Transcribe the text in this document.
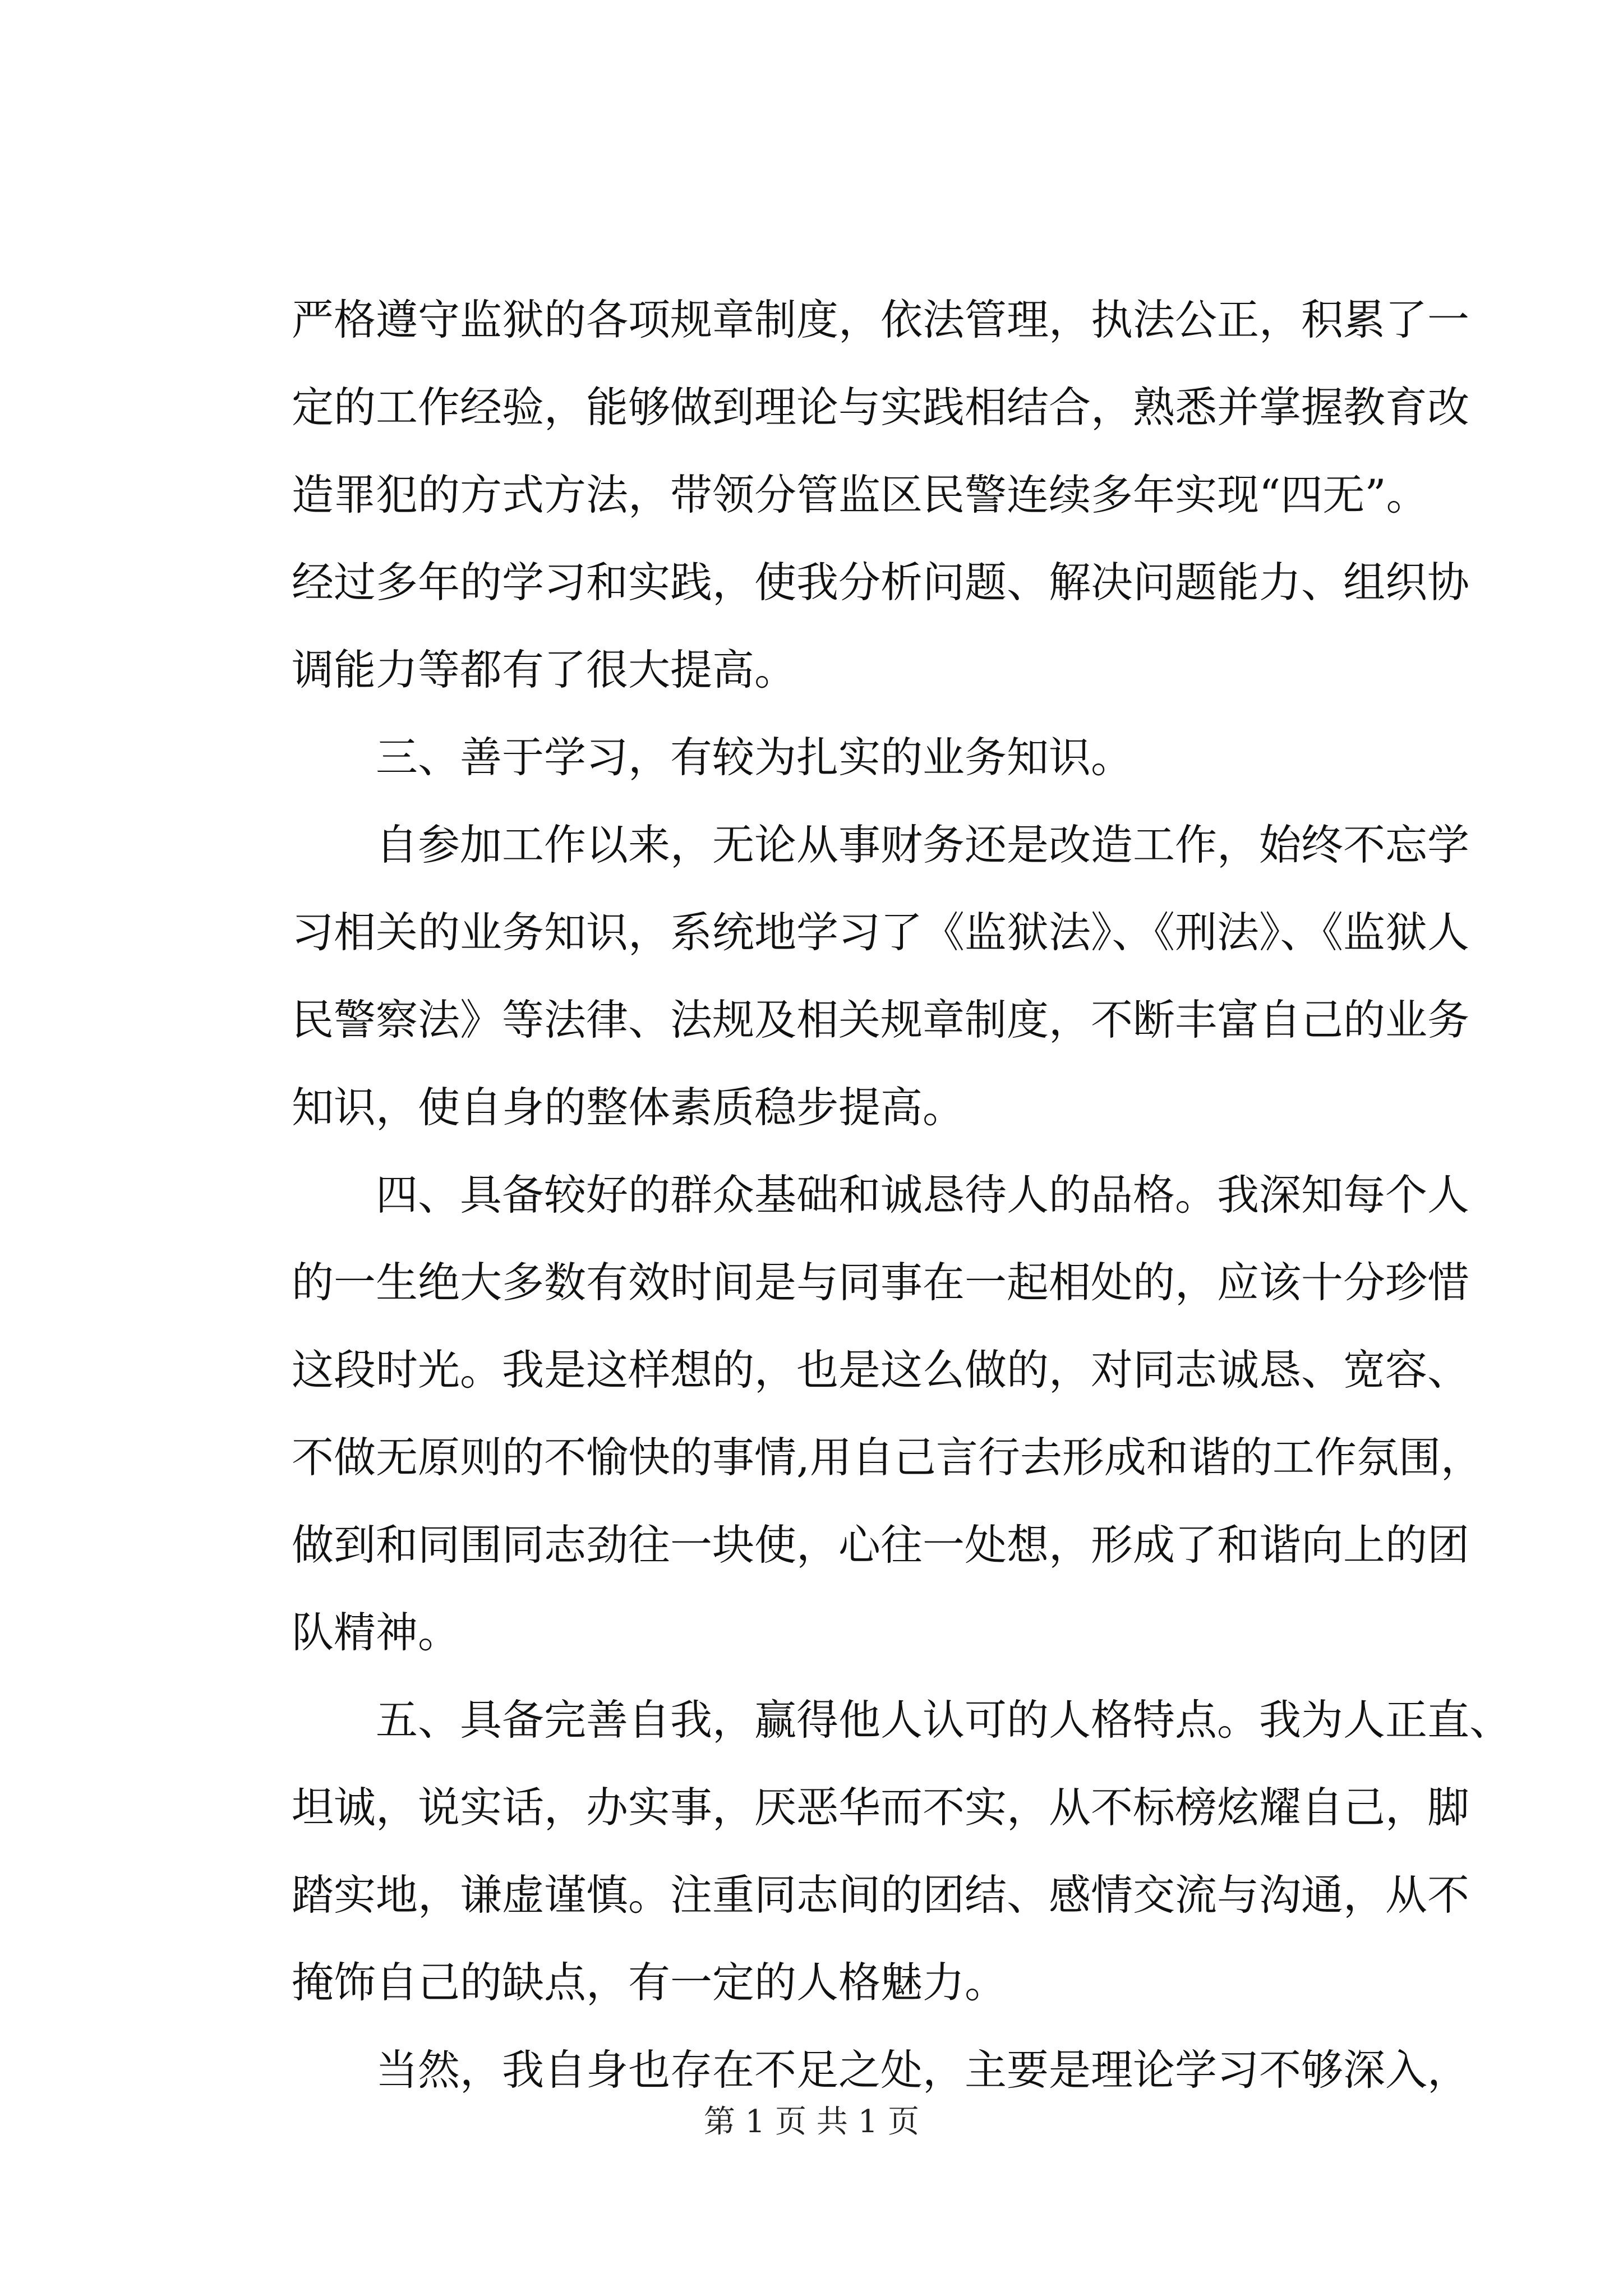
严格遵守监狱的各项规章制度，依法管理，执法公正，积累了一
定的工作经验，能够做到理论与实践相结合，熟悉并掌握教育改
造罪犯的方式方法，带领分管监区民警连续多年实现“四无”。
经过多年的学习和实践，使我分析问题、解决问题能力、组织协
调能力等都有了很大提高。
三、善于学习，有较为扎实的业务知识。
自参加工作以来，无论从事财务还是改造工作，始终不忘学
习相关的业务知识，系统地学习了《监狱法》、《刑法》、《监狱人
民警察法》等法律、法规及相关规章制度，不断丰富自己的业务
知识，使自身的整体素质稳步提高。
四、具备较好的群众基础和诚恳待人的品格。我深知每个人
的一生绝大多数有效时间是与同事在一起相处的，应该十分珍惜
这段时光。我是这样想的，也是这么做的，对同志诚恳、宽容、
不做无原则的不愉快的事情,用自己言行去形成和谐的工作氛围，
做到和同围同志劲往一块使，心往一处想，形成了和谐向上的团
队精神。
五、具备完善自我，赢得他人认可的人格特点。我为人正直、
坦诚，说实话，办实事，厌恶华而不实，从不标榜炫耀自己，脚
踏实地，谦虚谨慎。注重同志间的团结、感情交流与沟通，从不
掩饰自己的缺点，有一定的人格魅力。
当然，我自身也存在不足之处，主要是理论学习不够深入，
第 1 页 共 1 页
